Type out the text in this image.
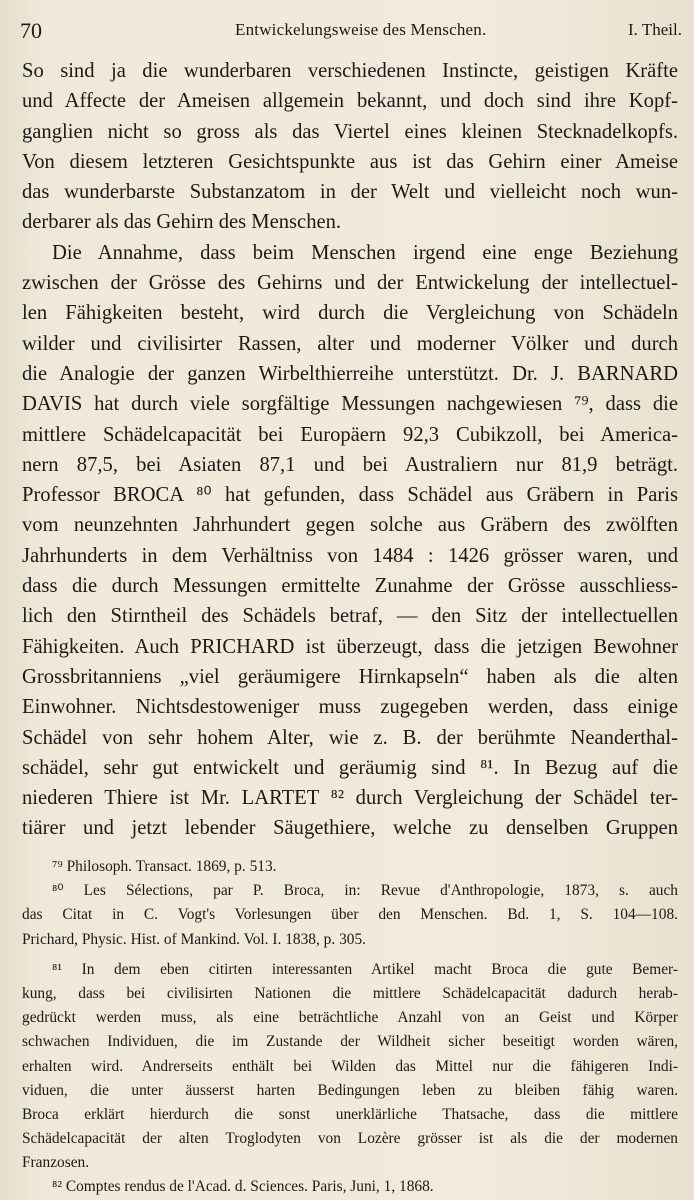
70	Entwickelungsweise des Menschen.	I. Theil.
So sind ja die wunderbaren verschiedenen Instincte, geistigen Kräfte
und Affecte der Ameisen allgemein bekannt, und doch sind ihre Kopf-
ganglien nicht so gross als das Viertel eines kleinen Stecknadelkopfs.
Von diesem letzteren Gesichtspunkte aus ist das Gehirn einer Ameise
das wunderbarste Substanzatom in der Welt und vielleicht noch wun-
derbarer als das Gehirn des Menschen.
Die Annahme, dass beim Menschen irgend eine enge Beziehung
zwischen der Grösse des Gehirns und der Entwickelung der intellectuel-
len Fähigkeiten besteht, wird durch die Vergleichung von Schädeln
wilder und civilisirter Rassen, alter und moderner Völker und durch
die Analogie der ganzen Wirbelthierreihe unterstützt. Dr. J. BARNARD
DAVIS hat durch viele sorgfältige Messungen nachgewiesen ⁷⁹, dass die
mittlere Schädelcapacität bei Europäern 92,3 Cubikzoll, bei America-
nern 87,5, bei Asiaten 87,1 und bei Australiern nur 81,9 beträgt.
Professor BROCA ⁸⁰ hat gefunden, dass Schädel aus Gräbern in Paris
vom neunzehnten Jahrhundert gegen solche aus Gräbern des zwölften
Jahrhunderts in dem Verhältniss von 1484 : 1426 grösser waren, und
dass die durch Messungen ermittelte Zunahme der Grösse ausschliess-
lich den Stirntheil des Schädels betraf, — den Sitz der intellectuellen
Fähigkeiten. Auch PRICHARD ist überzeugt, dass die jetzigen Bewohner
Grossbritanniens „viel geräumigere Hirnkapseln“ haben als die alten
Einwohner. Nichtsdestoweniger muss zugegeben werden, dass einige
Schädel von sehr hohem Alter, wie z. B. der berühmte Neanderthal-
schädel, sehr gut entwickelt und geräumig sind ⁸¹. In Bezug auf die
niederen Thiere ist Mr. LARTET ⁸² durch Vergleichung der Schädel ter-
tiärer und jetzt lebender Säugethiere, welche zu denselben Gruppen
⁷⁹ Philosoph. Transact. 1869, p. 513.
⁸⁰ Les Sélections, par P. Broca, in: Revue d'Anthropologie, 1873, s. auch
das Citat in C. Vogt's Vorlesungen über den Menschen. Bd. 1, S. 104—108.
Prichard, Physic. Hist. of Mankind. Vol. I. 1838, p. 305.
⁸¹ In dem eben citirten interessanten Artikel macht Broca die gute Bemer-
kung, dass bei civilisirten Nationen die mittlere Schädelcapacität dadurch herab-
gedrückt werden muss, als eine beträchtliche Anzahl von an Geist und Körper
schwachen Individuen, die im Zustande der Wildheit sicher beseitigt worden wären,
erhalten wird. Andrerseits enthält bei Wilden das Mittel nur die fähigeren Indi-
viduen, die unter äusserst harten Bedingungen leben zu bleiben fähig waren.
Broca erklärt hierdurch die sonst unerklärliche Thatsache, dass die mittlere
Schädelcapacität der alten Troglodyten von Lozère grösser ist als die der modernen
Franzosen.
⁸² Comptes rendus de l'Acad. d. Sciences. Paris, Juni, 1, 1868.
